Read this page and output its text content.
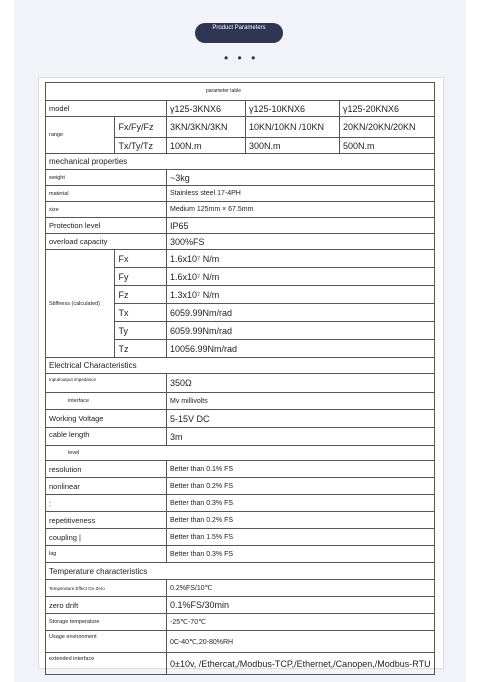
Product Parameters
• • •
parameter table				
model		γ125-3KNX6	γ125-10KNX6	γ125-20KNX6
range	Fx/Fy/Fz	3KN/3KN/3KN	10KN/10KN /10KN	20KN/20KN/20KN
	Tx/Ty/Tz	100N.m	300N.m	500N.m
mechanical properties				
weight		~3kg		
material		Stainless steel 17-4PH		
size		Medium 125mm × 67.5mm		
Protection level		IP65		
overload capacity		300%FS		
Stiffness (calculated)	Fx	1.6x10⁷ N/m		
	Fy	1.6x10⁷ N/m		
	Fz	1.3x10⁷ N/m		
	Tx	6059.99Nm/rad		
	Ty	6059.99Nm/rad		
	Tz	10056.99Nm/rad		
Electrical Characteristics				
Input/output impedance		350Ω		
interface		Mv millivolts		
Working Voltage		5-15V DC		
cable length		3m		
level				
resolution		Better than 0.1% FS		
nonlinear		Better than 0.2% FS		
:		Better than 0.3% FS		
repetitiveness		Better than 0.2% FS		
coupling |		Better than 1.5% FS		
lag		Better than 0.3% FS		
Temperature characteristics				
Temperature Effect On Zero		0.2%FS/10℃		
zero drift		0.1%FS/30min		
Storage temperature		-25℃-70℃		
Usage environment		0C-40℃,20-80%RH		
extended interface		0±10v, /Ethercat,/Modbus-TCP,/Ethernet,/Canopen,/Modbus-RTU		
